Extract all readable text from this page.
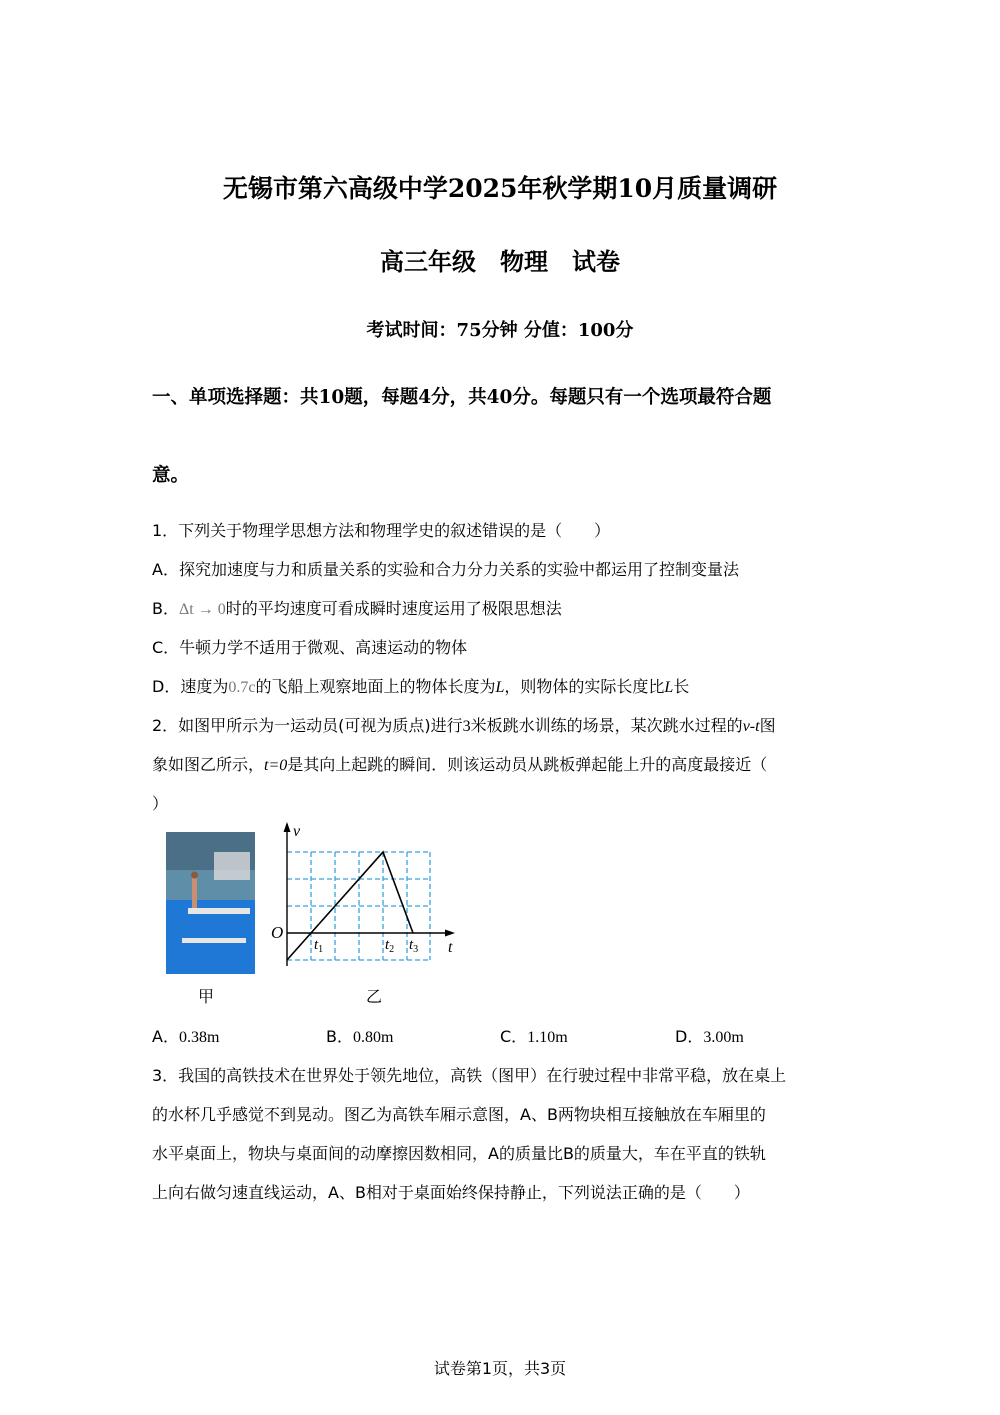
无锡市第六高级中学2025年秋学期10月质量调研
高三年级　物理　试卷
考试时间：75分钟 分值：100分
一、单项选择题：共10题，每题4分，共40分。每题只有一个选项最符合题
意。
1．下列关于物理学思想方法和物理学史的叙述错误的是（　　）
A．探究加速度与力和质量关系的实验和合力分力关系的实验中都运用了控制变量法
B．Δt → 0时的平均速度可看成瞬时速度运用了极限思想法
C．牛顿力学不适用于微观、高速运动的物体
D．速度为0.7c的飞船上观察地面上的物体长度为L，则物体的实际长度比L长
2．如图甲所示为一运动员(可视为质点)进行3米板跳水训练的场景，某次跳水过程的v-t图
象如图乙所示，t=0是其向上起跳的瞬间．则该运动员从跳板弹起能上升的高度最接近（
）
甲
v
t
O
$t_1$	$t_2$ $t_3$
乙
A．0.38m	B．0.80m	C．1.10m	D．3.00m
3．我国的高铁技术在世界处于领先地位，高铁（图甲）在行驶过程中非常平稳，放在桌上
的水杯几乎感觉不到晃动。图乙为高铁车厢示意图，A、B两物块相互接触放在车厢里的
水平桌面上，物块与桌面间的动摩擦因数相同，A的质量比B的质量大，车在平直的铁轨
上向右做匀速直线运动，A、B相对于桌面始终保持静止，下列说法正确的是（　　）
试卷第1页，共3页
